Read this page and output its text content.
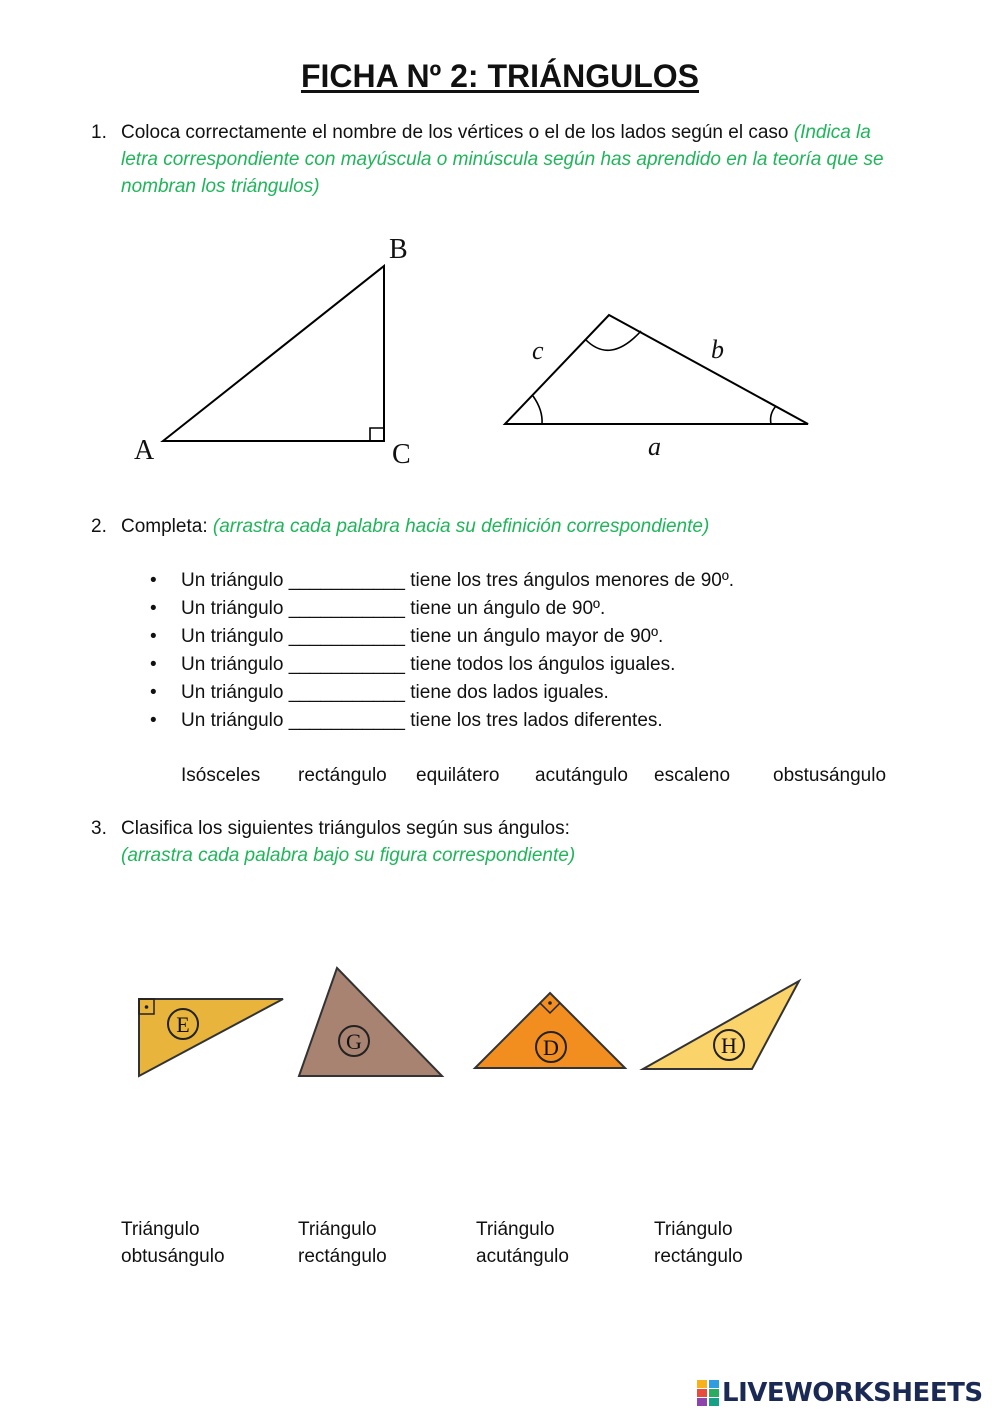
FICHA Nº 2: TRIÁNGULOS
1. Coloca correctamente el nombre de los vértices o el de los lados según el caso (Indica la
letra correspondiente con mayúscula o minúscula según has aprendido en la teoría que se
nombran los triángulos)
A
B
C
c	b
a
2. Completa: (arrastra cada palabra hacia su definición correspondiente)
• Un triángulo ___________ tiene los tres ángulos menores de 90º.
• Un triángulo ___________ tiene un ángulo de 90º.
• Un triángulo ___________ tiene un ángulo mayor de 90º.
• Un triángulo ___________ tiene todos los ángulos iguales.
• Un triángulo ___________ tiene dos lados iguales.
• Un triángulo ___________ tiene los tres lados diferentes.
Isósceles rectángulo equilátero acutángulo escaleno obstusángulo
3. Clasifica los siguientes triángulos según sus ángulos:
(arrastra cada palabra bajo su figura correspondiente)
E
G	D	H
Triángulo
obtusángulo
Triángulo
rectángulo
Triángulo
acutángulo
Triángulo
rectángulo
LIVEWORKSHEETS
